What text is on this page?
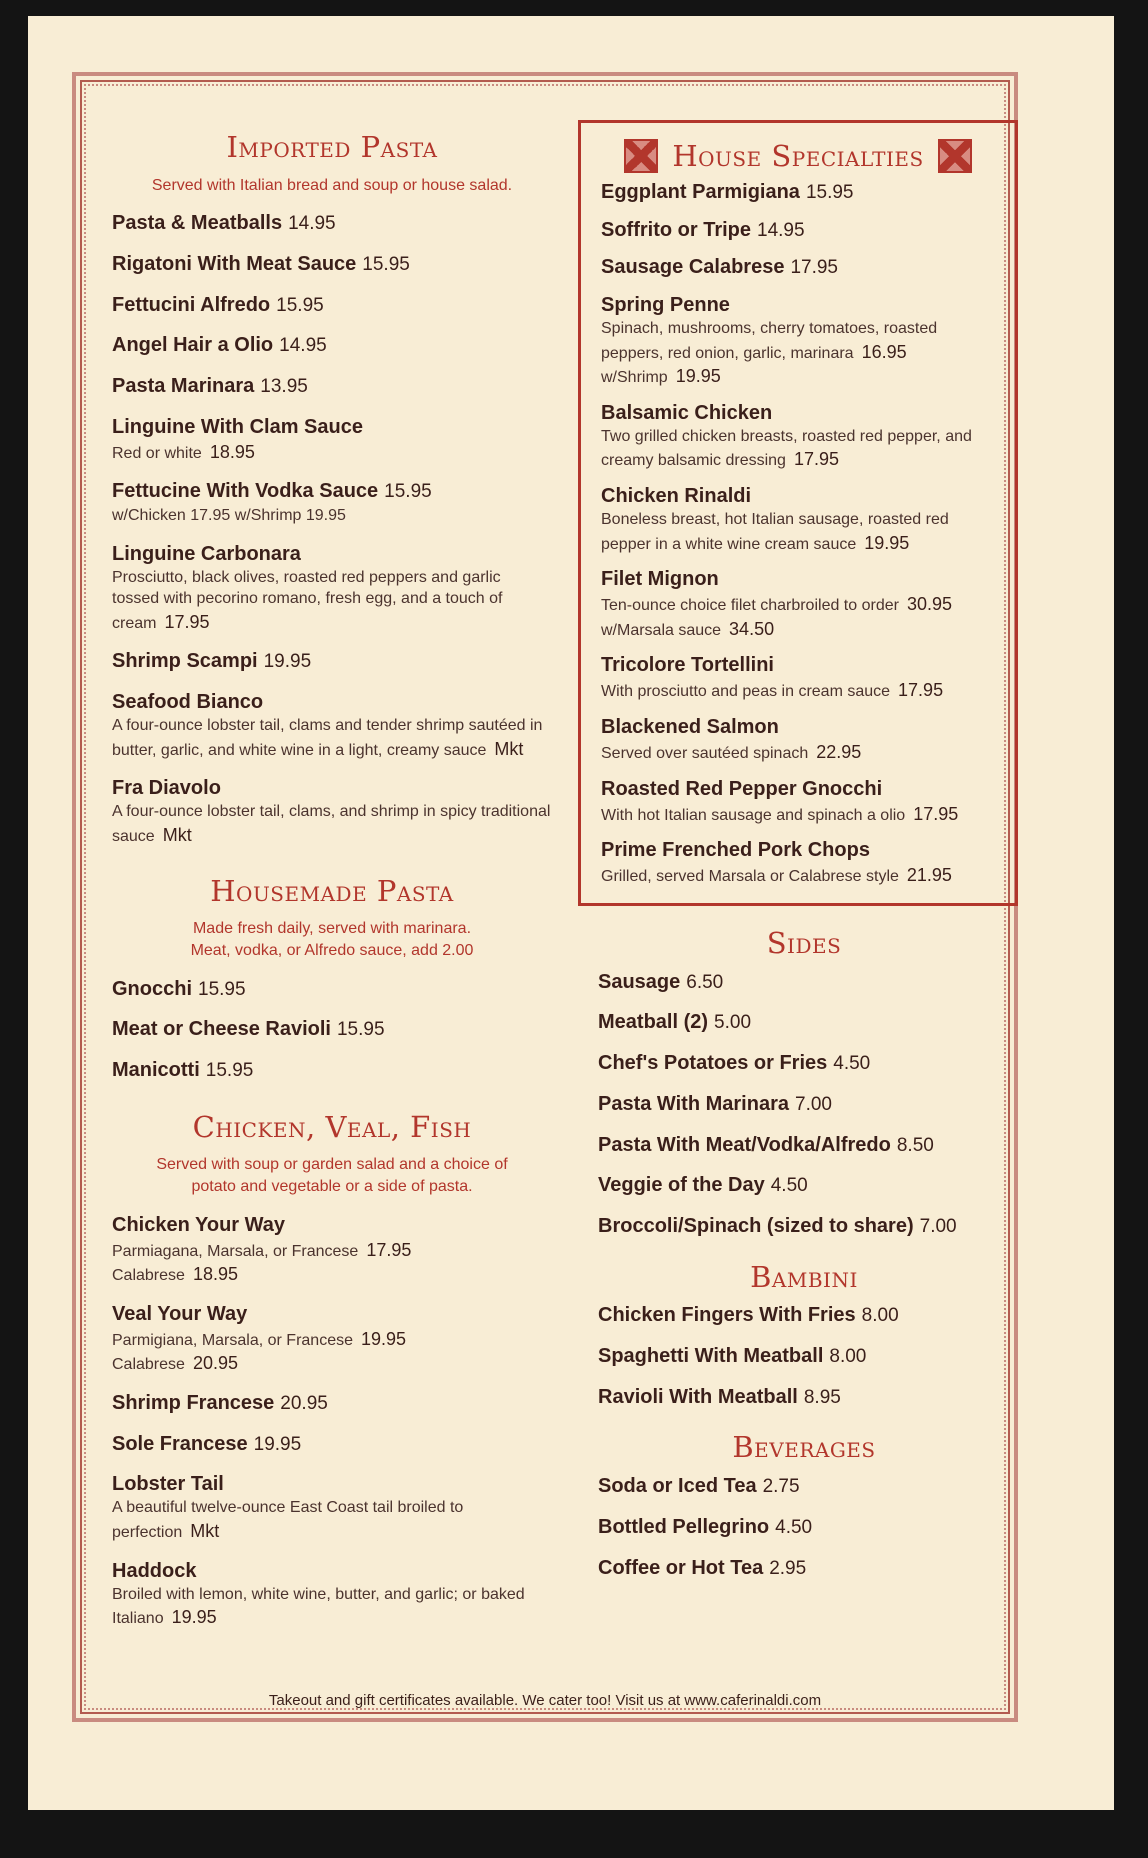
Imported Pasta
Served with Italian bread and soup or house salad.
Pasta & Meatballs 14.95
Rigatoni With Meat Sauce 15.95
Fettucini Alfredo 15.95
Angel Hair a Olio 14.95
Pasta Marinara 13.95
Linguine With Clam Sauce
Red or white 18.95
Fettucine With Vodka Sauce 15.95
w/Chicken 17.95 w/Shrimp 19.95
Linguine Carbonara
Prosciutto, black olives, roasted red peppers and garlic tossed with pecorino romano, fresh egg, and a touch of cream 17.95
Shrimp Scampi 19.95
Seafood Bianco
A four-ounce lobster tail, clams and tender shrimp sautéed in butter, garlic, and white wine in a light, creamy sauce Mkt
Fra Diavolo
A four-ounce lobster tail, clams, and shrimp in spicy traditional sauce Mkt
Housemade Pasta
Made fresh daily, served with marinara.
Meat, vodka, or Alfredo sauce, add 2.00
Gnocchi 15.95
Meat or Cheese Ravioli 15.95
Manicotti 15.95
Chicken, Veal, Fish
Served with soup or garden salad and a choice of
potato and vegetable or a side of pasta.
Chicken Your Way
Parmiagana, Marsala, or Francese 17.95
Calabrese 18.95
Veal Your Way
Parmigiana, Marsala, or Francese 19.95
Calabrese 20.95
Shrimp Francese 20.95
Sole Francese 19.95
Lobster Tail
A beautiful twelve-ounce East Coast tail broiled to perfection Mkt
Haddock
Broiled with lemon, white wine, butter, and garlic; or baked Italiano 19.95
House Specialties
Eggplant Parmigiana 15.95
Soffrito or Tripe 14.95
Sausage Calabrese 17.95
Spring Penne
Spinach, mushrooms, cherry tomatoes, roasted peppers, red onion, garlic, marinara 16.95
w/Shrimp 19.95
Balsamic Chicken
Two grilled chicken breasts, roasted red pepper, and creamy balsamic dressing 17.95
Chicken Rinaldi
Boneless breast, hot Italian sausage, roasted red pepper in a white wine cream sauce 19.95
Filet Mignon
Ten-ounce choice filet charbroiled to order 30.95
w/Marsala sauce 34.50
Tricolore Tortellini
With prosciutto and peas in cream sauce 17.95
Blackened Salmon
Served over sautéed spinach 22.95
Roasted Red Pepper Gnocchi
With hot Italian sausage and spinach a olio 17.95
Prime Frenched Pork Chops
Grilled, served Marsala or Calabrese style 21.95
Sides
Sausage 6.50
Meatball (2) 5.00
Chef's Potatoes or Fries 4.50
Pasta With Marinara 7.00
Pasta With Meat/Vodka/Alfredo 8.50
Veggie of the Day 4.50
Broccoli/Spinach (sized to share) 7.00
Bambini
Chicken Fingers With Fries 8.00
Spaghetti With Meatball 8.00
Ravioli With Meatball 8.95
Beverages
Soda or Iced Tea 2.75
Bottled Pellegrino 4.50
Coffee or Hot Tea 2.95
Takeout and gift certificates available. We cater too! Visit us at www.caferinaldi.com
